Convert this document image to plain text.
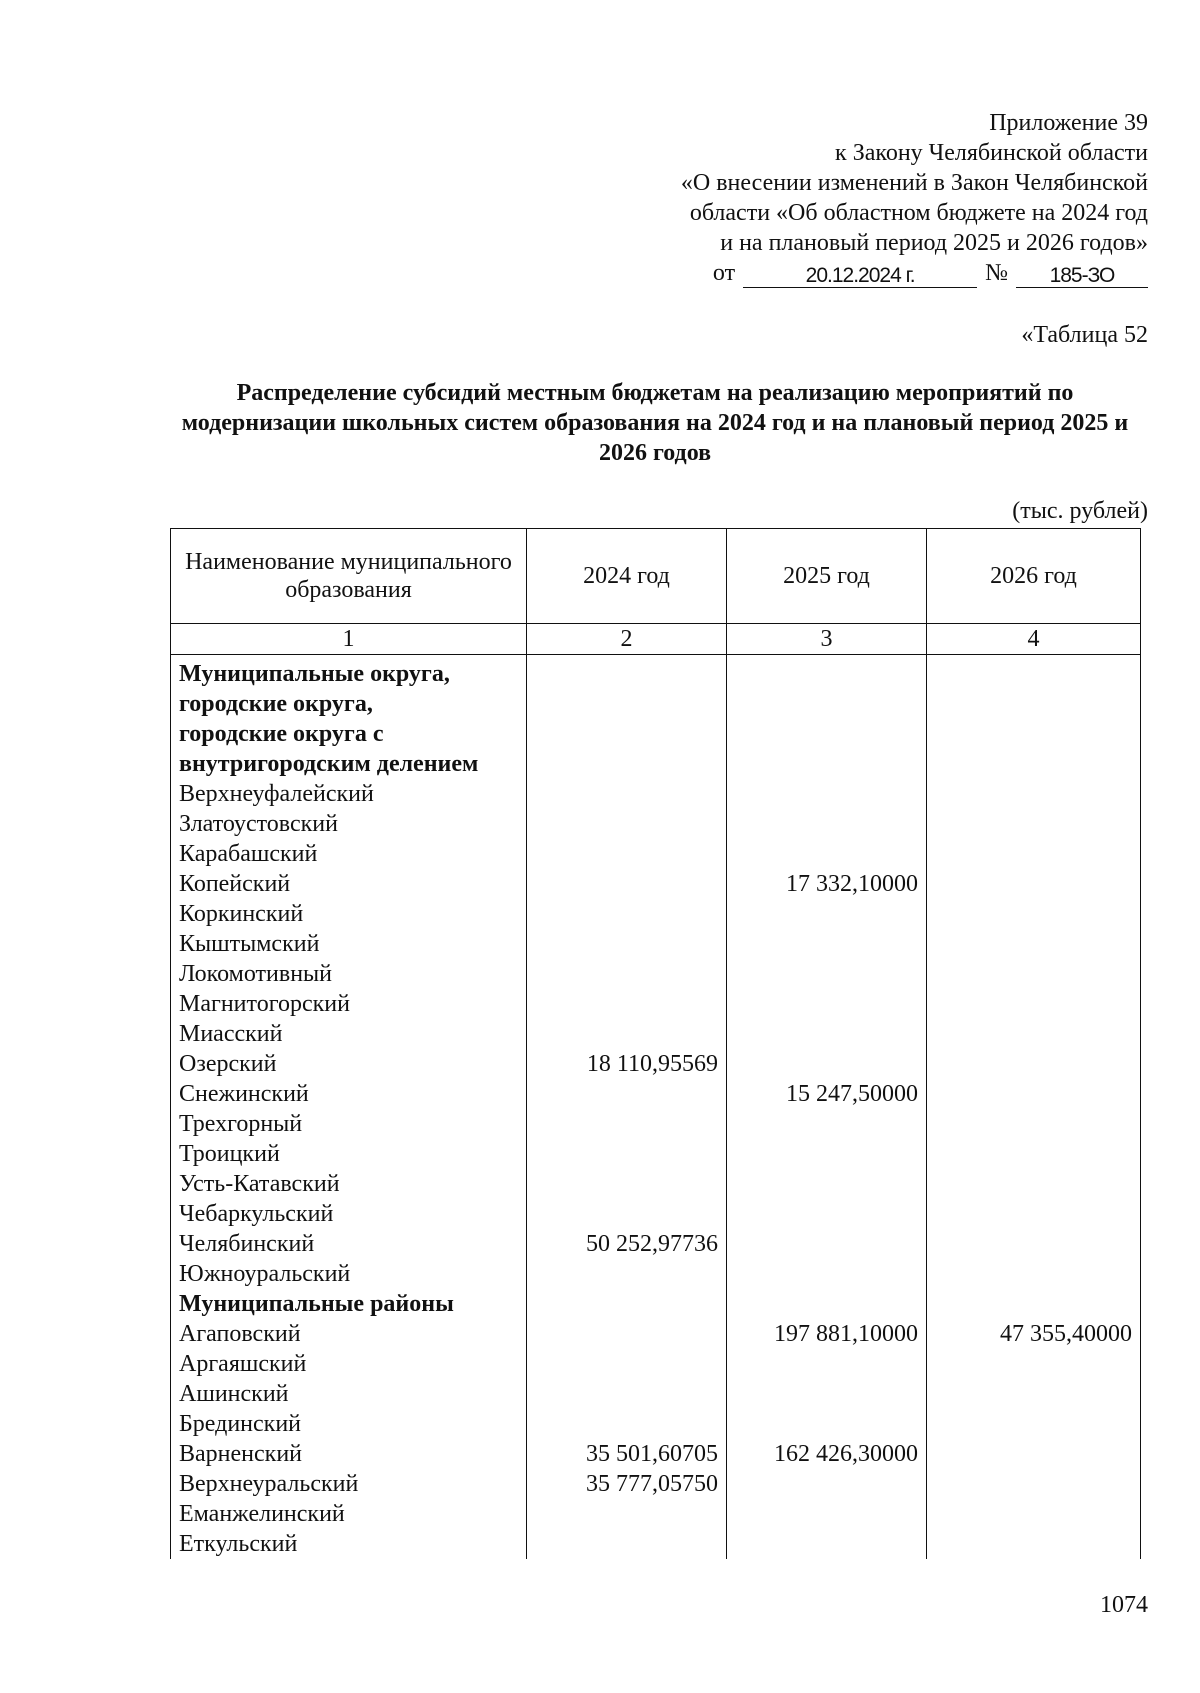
Приложение 39
к Закону Челябинской области
«О внесении изменений в Закон Челябинской
области «Об областном бюджете на 2024 год
и на плановый период 2025 и 2026 годов»
от	20.12.2024 г.	№	185-ЗО
«Таблица 52
Распределение субсидий местным бюджетам на реализацию мероприятий по модернизации школьных систем образования на 2024 год и на плановый период 2025 и 2026 годов
(тыс. рублей)
Наименование муниципального образования	2024 год	2025 год	2026 год
1	2	3	4
Муниципальные округа,			
городские округа,			
городские округа с			
внутригородским делением			
Верхнеуфалейский			
Златоустовский			
Карабашский			
Копейский		17 332,10000	
Коркинский			
Кыштымский			
Локомотивный			
Магнитогорский			
Миасский			
Озерский	18 110,95569		
Снежинский		15 247,50000	
Трехгорный			
Троицкий			
Усть-Катавский			
Чебаркульский			
Челябинский	50 252,97736		
Южноуральский			
Муниципальные районы			
Агаповский		197 881,10000	47 355,40000
Аргаяшский			
Ашинский			
Брединский			
Варненский	35 501,60705	162 426,30000	
Верхнеуральский	35 777,05750		
Еманжелинский			
Еткульский			
1074
